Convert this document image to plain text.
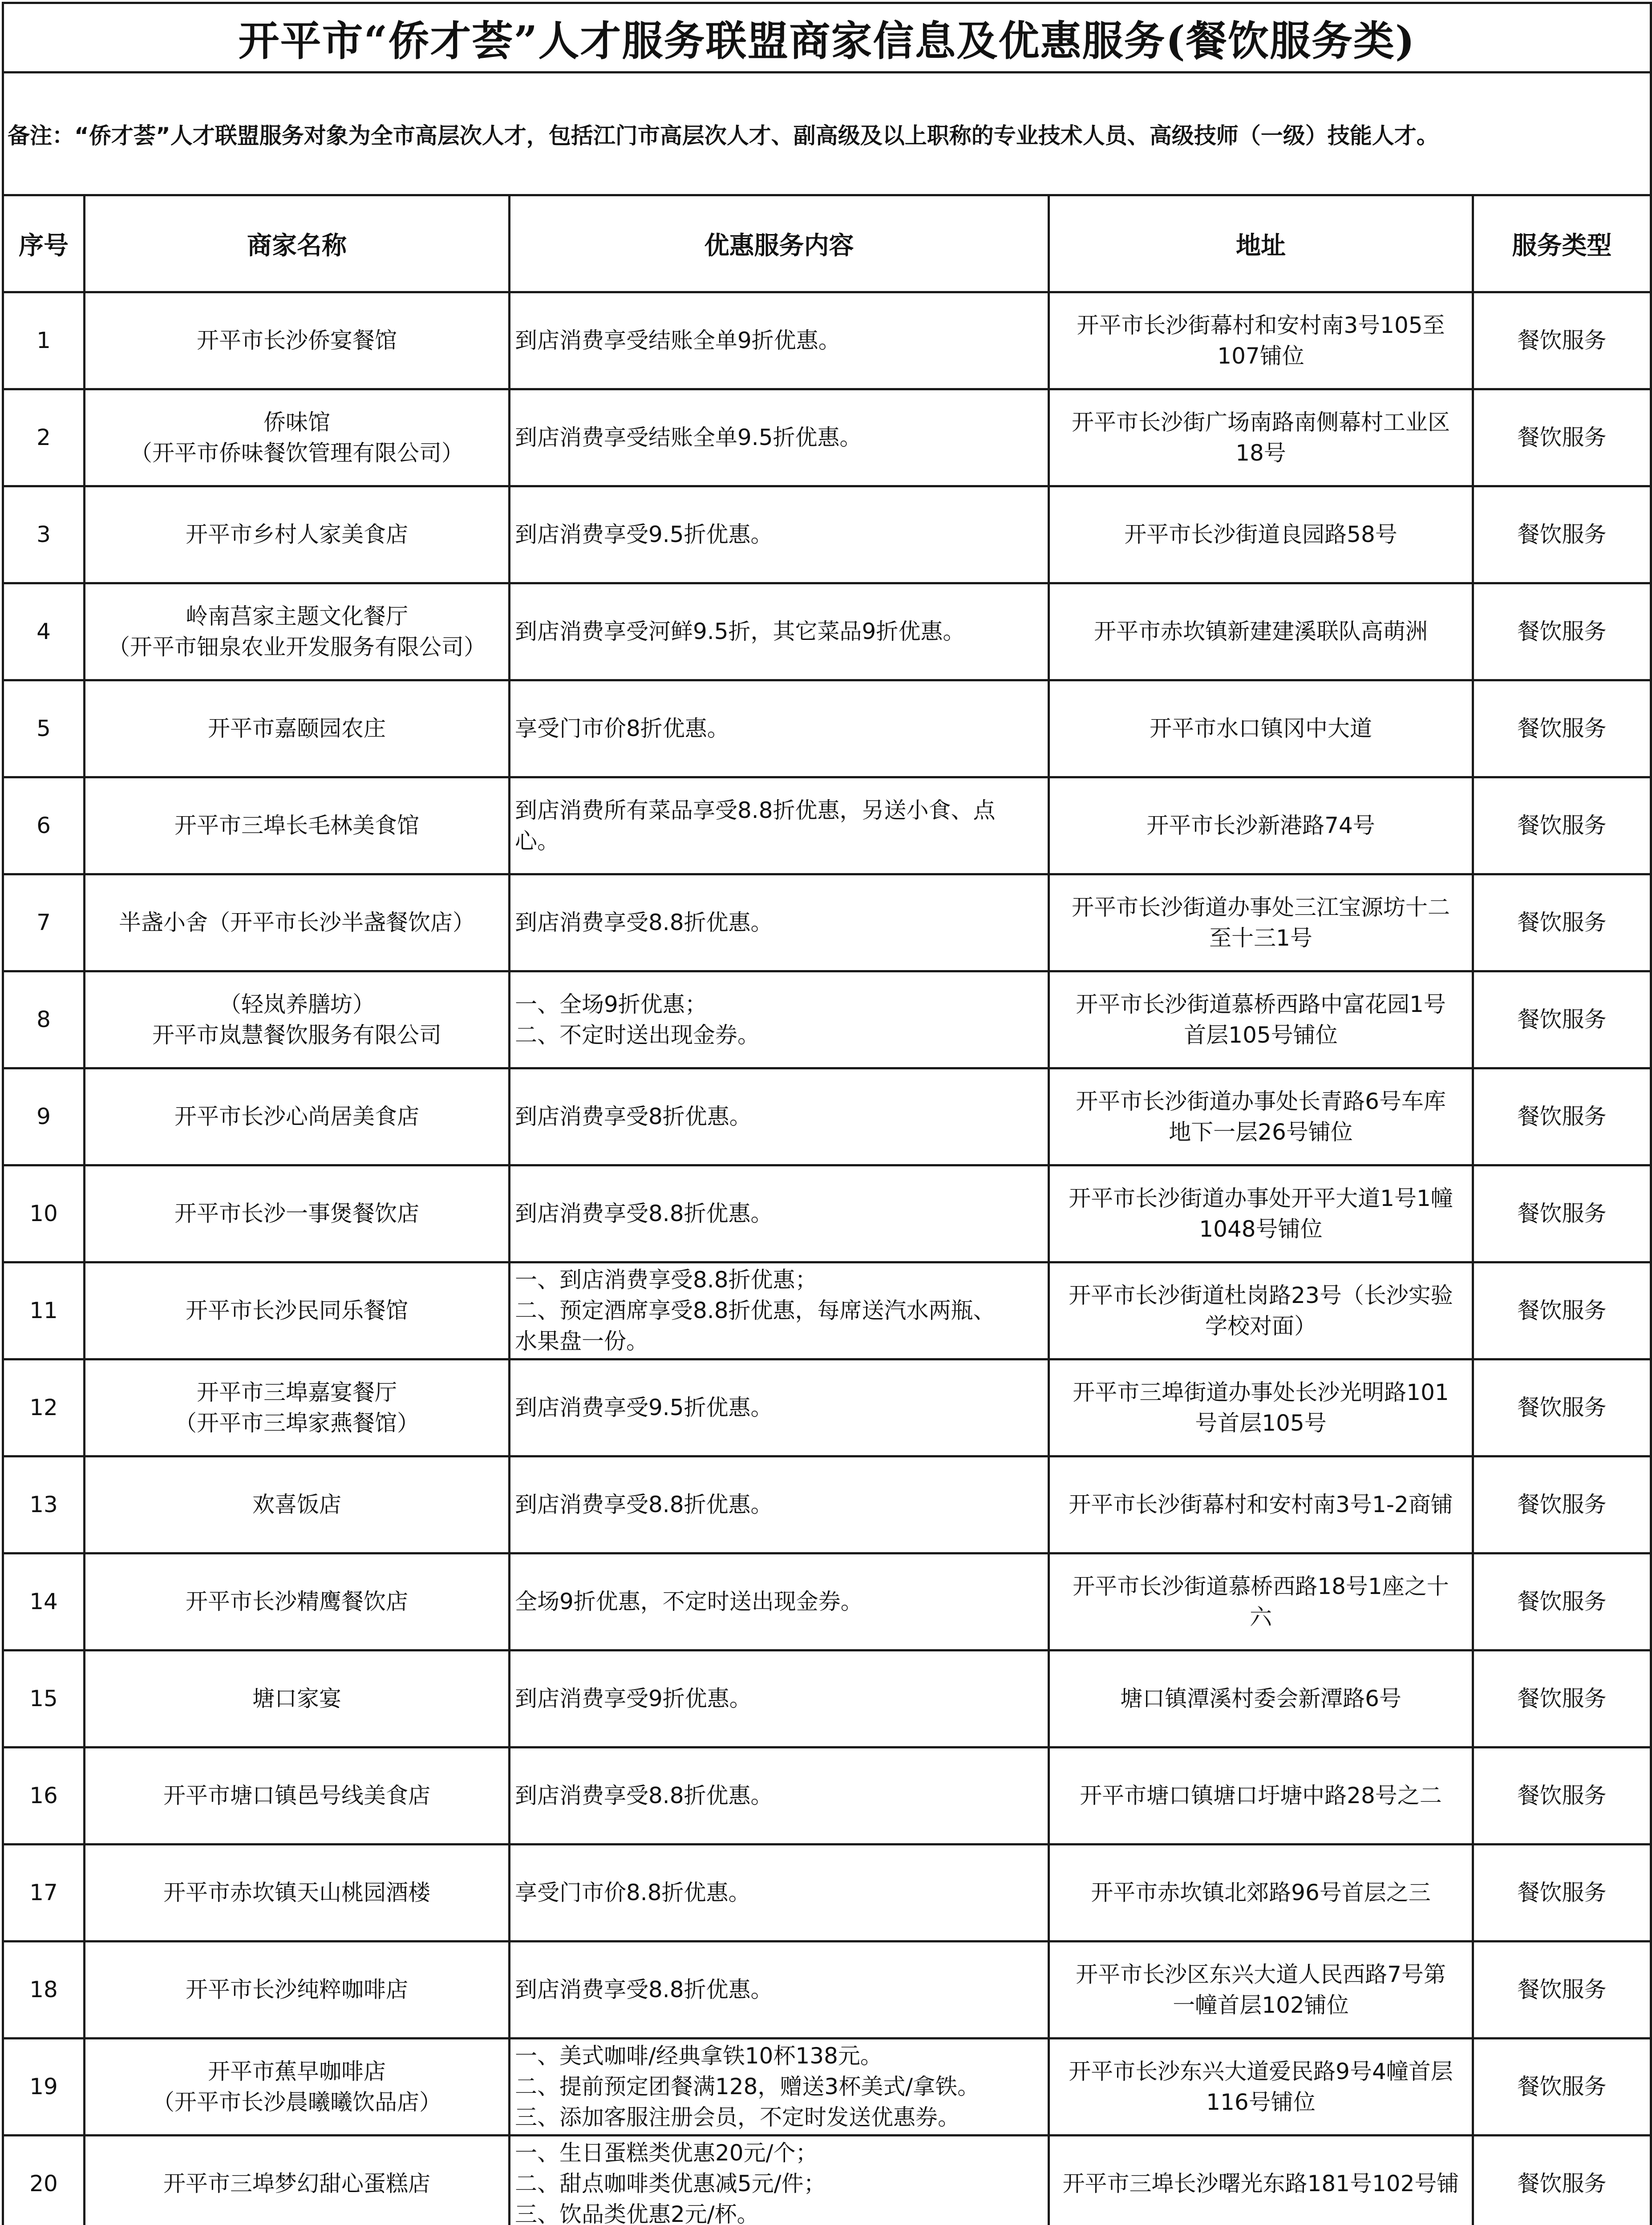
开平市“侨才荟”人才服务联盟商家信息及优惠服务(餐饮服务类)				
备注：“侨才荟”人才联盟服务对象为全市高层次人才，包括江门市高层次人才、副高级及以上职称的专业技术人员、高级技师（一级）技能人才。				
序号	商家名称	优惠服务内容	地址	服务类型
1	开平市长沙侨宴餐馆	到店消费享受结账全单9折优惠。	开平市长沙街幕村和安村南3号105至
107铺位	餐饮服务
2	侨味馆
（开平市侨味餐饮管理有限公司）	到店消费享受结账全单9.5折优惠。	开平市长沙街广场南路南侧幕村工业区
18号	餐饮服务
3	开平市乡村人家美食店	到店消费享受9.5折优惠。	开平市长沙街道良园路58号	餐饮服务
4	岭南莒家主题文化餐厅
（开平市钿泉农业开发服务有限公司）	到店消费享受河鲜9.5折，其它菜品9折优惠。	开平市赤坎镇新建建溪联队高萌洲	餐饮服务
5	开平市嘉颐园农庄	享受门市价8折优惠。	开平市水口镇冈中大道	餐饮服务
6	开平市三埠长毛林美食馆	到店消费所有菜品享受8.8折优惠，另送小食、点
心。	开平市长沙新港路74号	餐饮服务
7	半盏小舍（开平市长沙半盏餐饮店）	到店消费享受8.8折优惠。	开平市长沙街道办事处三江宝源坊十二
至十三1号	餐饮服务
8	（轻岚养膳坊）
开平市岚慧餐饮服务有限公司	一、全场9折优惠；
二、不定时送出现金券。	开平市长沙街道慕桥西路中富花园1号
首层105号铺位	餐饮服务
9	开平市长沙心尚居美食店	到店消费享受8折优惠。	开平市长沙街道办事处长青路6号车库
地下一层26号铺位	餐饮服务
10	开平市长沙一事煲餐饮店	到店消费享受8.8折优惠。	开平市长沙街道办事处开平大道1号1幢
1048号铺位	餐饮服务
11	开平市长沙民同乐餐馆	一、到店消费享受8.8折优惠；
二、预定酒席享受8.8折优惠，每席送汽水两瓶、
水果盘一份。	开平市长沙街道杜岗路23号（长沙实验
学校对面）	餐饮服务
12	开平市三埠嘉宴餐厅
（开平市三埠家燕餐馆）	到店消费享受9.5折优惠。	开平市三埠街道办事处长沙光明路101
号首层105号	餐饮服务
13	欢喜饭店	到店消费享受8.8折优惠。	开平市长沙街幕村和安村南3号1-2商铺	餐饮服务
14	开平市长沙精鹰餐饮店	全场9折优惠，不定时送出现金券。	开平市长沙街道慕桥西路18号1座之十
六	餐饮服务
15	塘口家宴	到店消费享受9折优惠。	塘口镇潭溪村委会新潭路6号	餐饮服务
16	开平市塘口镇邑号线美食店	到店消费享受8.8折优惠。	开平市塘口镇塘口圩塘中路28号之二	餐饮服务
17	开平市赤坎镇天山桃园酒楼	享受门市价8.8折优惠。	开平市赤坎镇北郊路96号首层之三	餐饮服务
18	开平市长沙纯粹咖啡店	到店消费享受8.8折优惠。	开平市长沙区东兴大道人民西路7号第
一幢首层102铺位	餐饮服务
19	开平市蕉早咖啡店
（开平市长沙晨曦曦饮品店）	一、美式咖啡/经典拿铁10杯138元。
二、提前预定团餐满128，赠送3杯美式/拿铁。
三、添加客服注册会员，不定时发送优惠券。	开平市长沙东兴大道爱民路9号4幢首层
116号铺位	餐饮服务
20	开平市三埠梦幻甜心蛋糕店	一、生日蛋糕类优惠20元/个；
二、甜点咖啡类优惠减5元/件；
三、饮品类优惠2元/杯。	开平市三埠长沙曙光东路181号102号铺	餐饮服务
